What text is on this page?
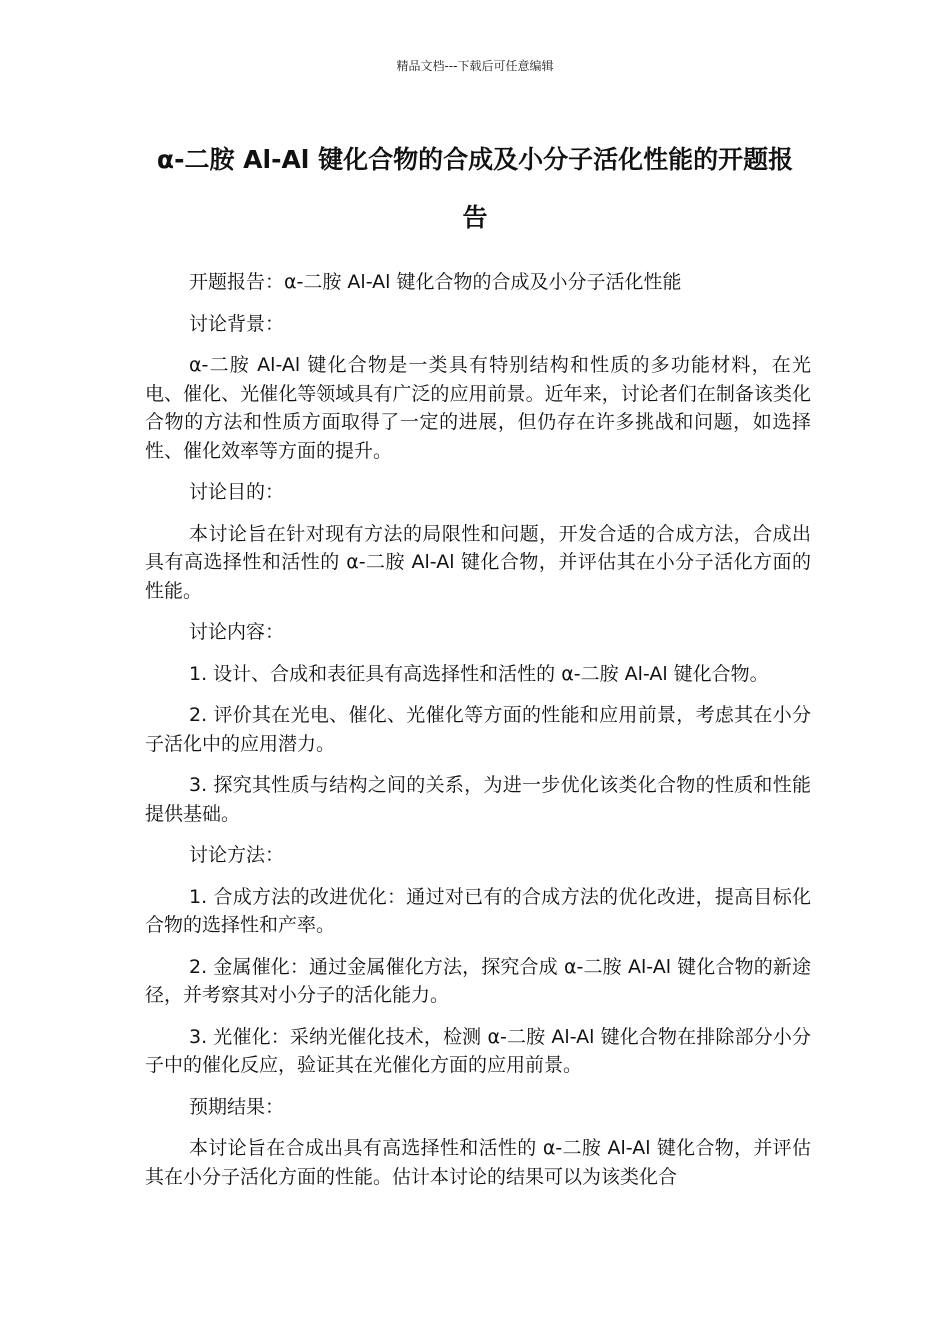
精品文档---下载后可任意编辑
α-二胺 Al-Al 键化合物的合成及小分子活化性能的开题报告

开题报告：α-二胺 Al-Al 键化合物的合成及小分子活化性能

讨论背景：

α-二胺 Al-Al 键化合物是一类具有特别结构和性质的多功能材料，在光电、催化、光催化等领域具有广泛的应用前景。近年来，讨论者们在制备该类化合物的方法和性质方面取得了一定的进展，但仍存在许多挑战和问题，如选择性、催化效率等方面的提升。

讨论目的：

本讨论旨在针对现有方法的局限性和问题，开发合适的合成方法，合成出具有高选择性和活性的 α-二胺 Al-Al 键化合物，并评估其在小分子活化方面的性能。

讨论内容：

1. 设计、合成和表征具有高选择性和活性的 α-二胺 Al-Al 键化合物。

2. 评价其在光电、催化、光催化等方面的性能和应用前景，考虑其在小分子活化中的应用潜力。

3. 探究其性质与结构之间的关系，为进一步优化该类化合物的性质和性能提供基础。

讨论方法：

1. 合成方法的改进优化：通过对已有的合成方法的优化改进，提高目标化合物的选择性和产率。

2. 金属催化：通过金属催化方法，探究合成 α-二胺 Al-Al 键化合物的新途径，并考察其对小分子的活化能力。

3. 光催化：采纳光催化技术，检测 α-二胺 Al-Al 键化合物在排除部分小分子中的催化反应，验证其在光催化方面的应用前景。

预期结果：

本讨论旨在合成出具有高选择性和活性的 α-二胺 Al-Al 键化合物，并评估其在小分子活化方面的性能。估计本讨论的结果可以为该类化合
